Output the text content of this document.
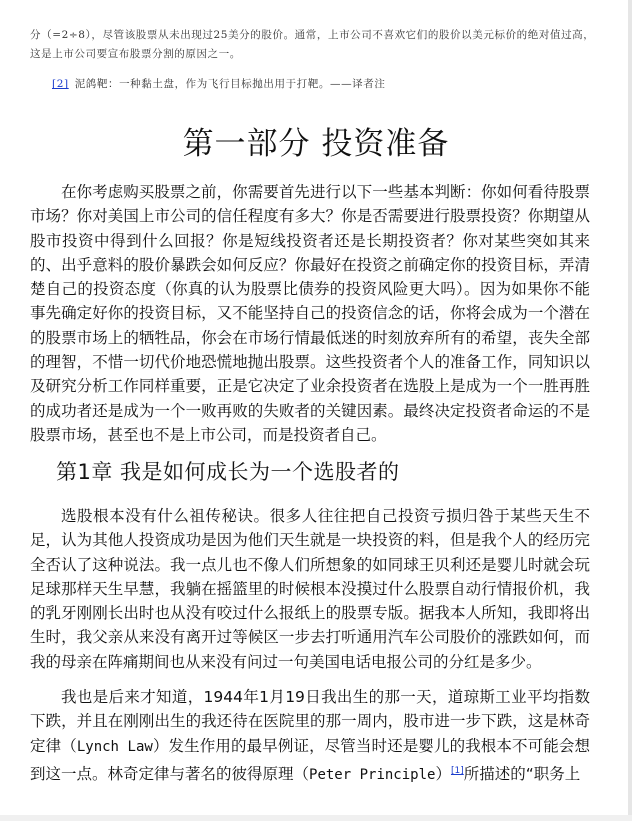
分（=2÷8），尽管该股票从未出现过25美分的股价。通常，上市公司不喜欢它们的股价以美元标价的绝对值过高，这是上市公司要宣布股票分割的原因之一。
[2] 泥鸽靶：一种黏土盘，作为飞行目标抛出用于打靶。——译者注
第一部分 投资准备

在你考虑购买股票之前，你需要首先进行以下一些基本判断：你如何看待股票市场？你对美国上市公司的信任程度有多大？你是否需要进行股票投资？你期望从股市投资中得到什么回报？你是短线投资者还是长期投资者？你对某些突如其来的、出乎意料的股价暴跌会如何反应？你最好在投资之前确定你的投资目标，弄清楚自己的投资态度（你真的认为股票比债券的投资风险更大吗）。因为如果你不能事先确定好你的投资目标，又不能坚持自己的投资信念的话，你将会成为一个潜在的股票市场上的牺牲品，你会在市场行情最低迷的时刻放弃所有的希望，丧失全部的理智，不惜一切代价地恐慌地抛出股票。这些投资者个人的准备工作，同知识以及研究分析工作同样重要，正是它决定了业余投资者在选股上是成为一个一胜再胜的成功者还是成为一个一败再败的失败者的关键因素。最终决定投资者命运的不是股票市场，甚至也不是上市公司，而是投资者自己。

第1章 我是如何成长为一个选股者的

选股根本没有什么祖传秘诀。很多人往往把自己投资亏损归咎于某些天生不足，认为其他人投资成功是因为他们天生就是一块投资的料，但是我个人的经历完全否认了这种说法。我一点儿也不像人们所想象的如同球王贝利还是婴儿时就会玩足球那样天生早慧，我躺在摇篮里的时候根本没摸过什么股票自动行情报价机，我的乳牙刚刚长出时也从没有咬过什么报纸上的股票专版。据我本人所知，我即将出生时，我父亲从来没有离开过等候区一步去打听通用汽车公司股价的涨跌如何，而我的母亲在阵痛期间也从来没有问过一句美国电话电报公司的分红是多少。

我也是后来才知道，1944年1月19日我出生的那一天，道琼斯工业平均指数下跌，并且在刚刚出生的我还待在医院里的那一周内，股市进一步下跌，这是林奇定律（Lynch Law）发生作用的最早例证，尽管当时还是婴儿的我根本不可能会想到这一点。林奇定律与著名的彼得原理（Peter Principle）[1]所描述的“职务上
